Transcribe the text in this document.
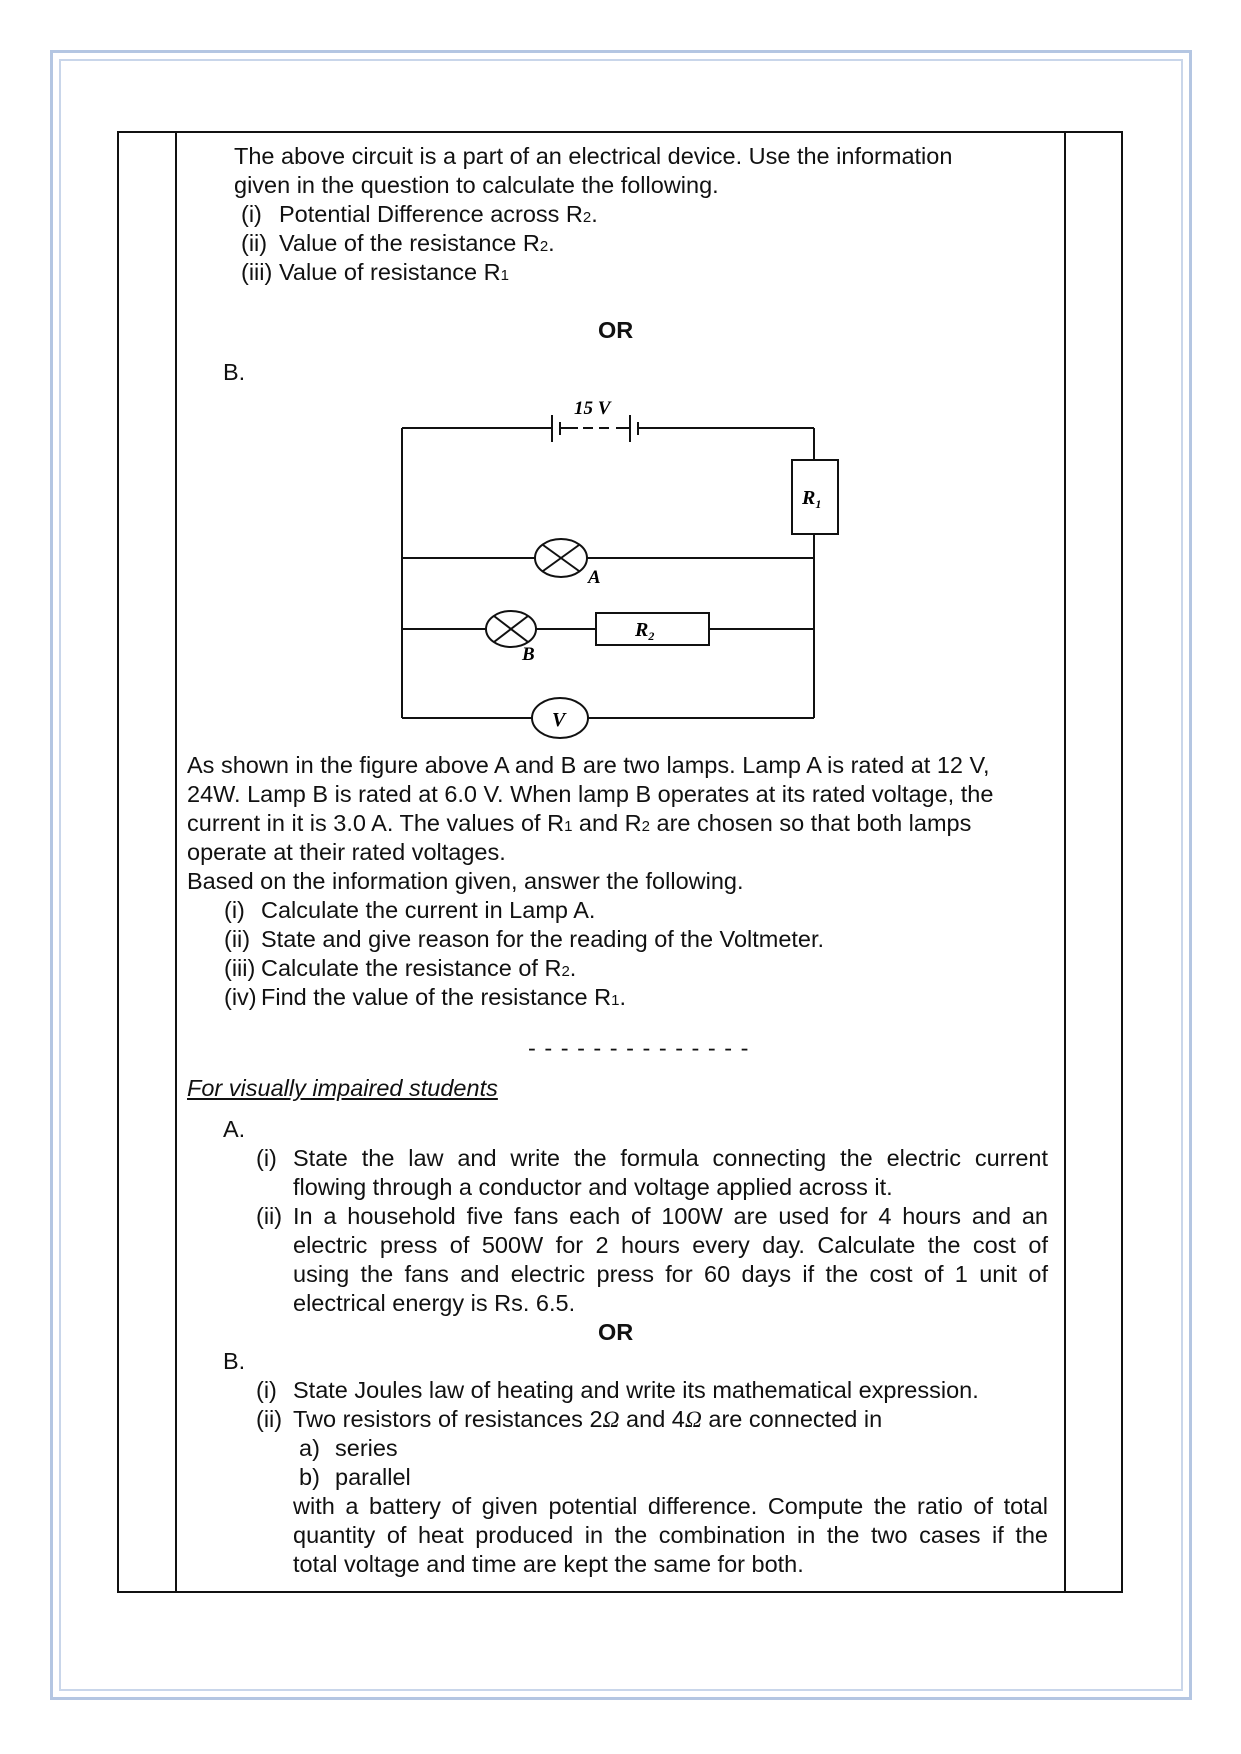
The above circuit is a part of an electrical device. Use the information
given in the question to calculate the following.
(i) Potential Difference across R2.
(ii) Value of the resistance R2.
(iii) Value of resistance R1
OR
B.
15 V
$R_1$
A
$R_2$
B
V
As shown in the figure above A and B are two lamps. Lamp A is rated at 12 V,
24W. Lamp B is rated at 6.0 V. When lamp B operates at its rated voltage, the
current in it is 3.0 A. The values of R1 and R2 are chosen so that both lamps
operate at their rated voltages.
Based on the information given, answer the following.
(i) Calculate the current in Lamp A.
(ii) State and give reason for the reading of the Voltmeter.
(iii) Calculate the resistance of R2.
(iv) Find the value of the resistance R1.
- - - - - - - - - - - - - -
For visually impaired students
A.
(i) State the law and write the formula connecting the electric current
flowing through a conductor and voltage applied across it.
(ii) In a household five fans each of 100W are used for 4 hours and an
electric press of 500W for 2 hours every day. Calculate the cost of
using the fans and electric press for 60 days if the cost of 1 unit of
electrical energy is Rs. 6.5.
OR
B.
(i) State Joules law of heating and write its mathematical expression.
(ii) Two resistors of resistances 2Ω and 4Ω are connected in
a) series
b) parallel
with a battery of given potential difference. Compute the ratio of total
quantity of heat produced in the combination in the two cases if the
total voltage and time are kept the same for both.
